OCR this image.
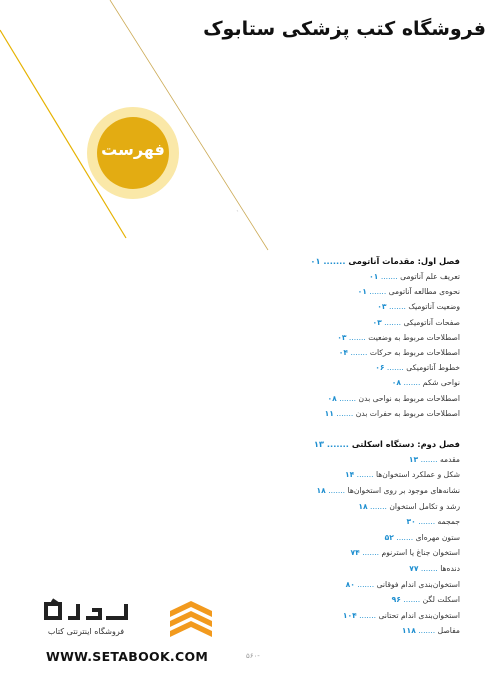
فروشگاه کتب پزشکی ستابوک
فهرست
` `
فصل اول: مقدمات آناتومی ....... ۰۱
تعریف علم آناتومی ....... ۰۱
نحوه‌ی مطالعه آناتومی ....... ۰۱
وضعیت آناتومیک ....... ۰۳
صفحات آناتومیکی ....... ۰۳
اصطلاحات مربوط به وضعیت ....... ۰۳
اصطلاحات مربوط به حرکات ....... ۰۴
خطوط آناتومیکی ....... ۰۶
نواحی شکم ....... ۰۸
اصطلاحات مربوط به نواحی بدن ....... ۰۸
اصطلاحات مربوط به حفرات بدن ....... ۱۱
فصل دوم: دستگاه اسکلتی ....... ۱۳
مقدمه ....... ۱۳
شکل و عملکرد استخوان‌ها ....... ۱۴
نشانه‌های موجود بر روی استخوان‌ها ....... ۱۸
رشد و تکامل استخوان ....... ۱۸
جمجمه ....... ۳۰
ستون مهره‌ای ....... ۵۲
استخوان جناغ یا استرنوم ....... ۷۴
دنده‌ها ....... ۷۷
استخوان‌بندی اندام فوقانی ....... ۸۰
اسکلت لگن ....... ۹۶
استخوان‌بندی اندام تحتانی ....... ۱۰۴
مفاصل ....... ۱۱۸
فروشگاه اینترنتی کتاب
WWW.SETABOOK.COM	۵۶۰-
